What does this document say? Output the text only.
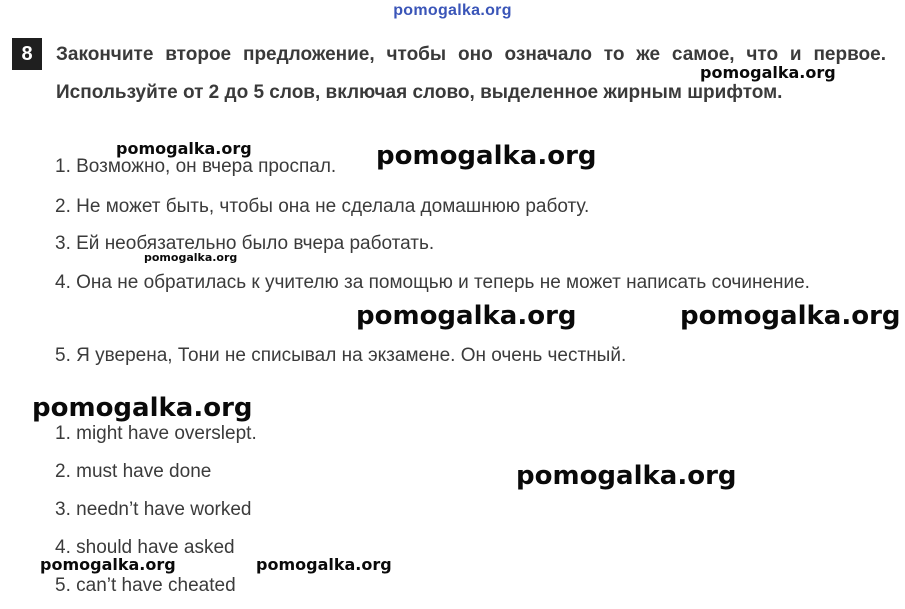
pomogalka.org
8	Закончите второе предложение, чтобы оно означало то же самое, что и первое. Используйте от 2 до 5 слов, включая слово, выделенное жирным шрифтом.
1. Возможно, он вчера проспал.
2. Не может быть, чтобы она не сделала домашнюю работу.
3. Ей необязательно было вчера работать.
4. Она не обратилась к учителю за помощью и теперь не может написать сочинение.
5. Я уверена, Тони не списывал на экзамене. Он очень честный.
1. might have overslept.
2. must have done
3. needn’t have worked
4. should have asked
5. can’t have cheated
pomogalka.org
pomogalka.org	pomogalka.org
pomogalka.org
pomogalka.org	pomogalka.org
pomogalka.org
pomogalka.org
pomogalka.org	pomogalka.org
